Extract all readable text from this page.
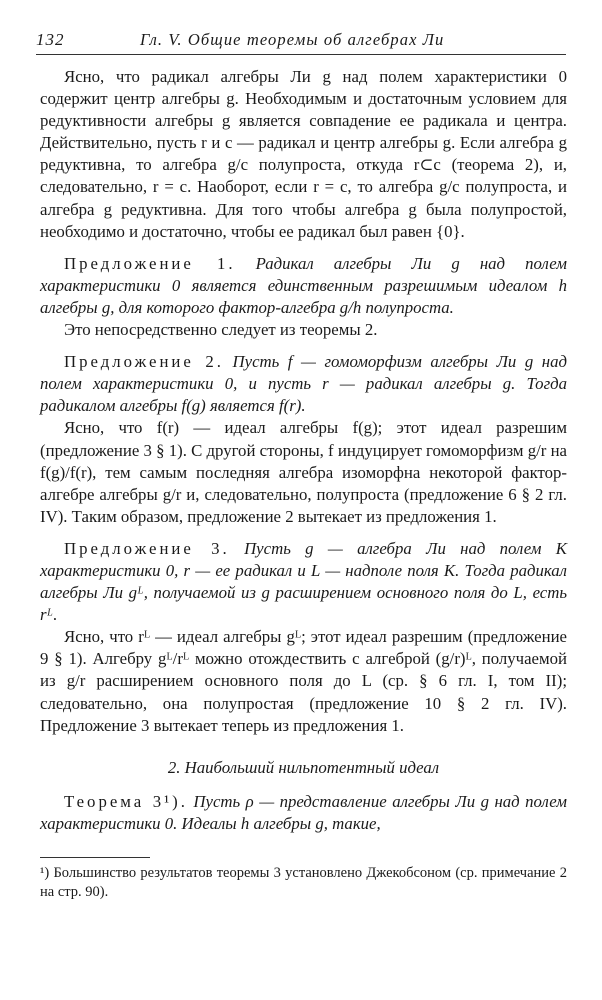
132	Гл. V. Общие теоремы об алгебрах Ли

Ясно, что радикал алгебры Ли g над полем характеристики 0 содержит центр алгебры g. Необходимым и достаточным условием для редуктивности алгебры g является совпадение ее радикала и центра. Действительно, пусть r и c — радикал и центр алгебры g. Если алгебра g редуктивна, то алгебра g/c полупроста, откуда r⊂c (теорема 2), и, следовательно, r = c. Наоборот, если r = c, то алгебра g/c полупроста, и алгебра g редуктивна. Для того чтобы алгебра g была полупростой, необходимо и достаточно, чтобы ее радикал был равен {0}.

Предложение 1. Радикал алгебры Ли g над полем характеристики 0 является единственным разрешимым идеалом h алгебры g, для которого фактор-алгебра g/h полупроста.

Это непосредственно следует из теоремы 2.

Предложение 2. Пусть f — гомоморфизм алгебры Ли g над полем характеристики 0, и пусть r — радикал алгебры g. Тогда радикалом алгебры f(g) является f(r).

Ясно, что f(r) — идеал алгебры f(g); этот идеал разрешим (предложение 3 § 1). С другой стороны, f индуцирует гомоморфизм g/r на f(g)/f(r), тем самым последняя алгебра изоморфна некоторой фактор-алгебре алгебры g/r и, следовательно, полупроста (предложение 6 § 2 гл. IV). Таким образом, предложение 2 вытекает из предложения 1.

Предложение 3. Пусть g — алгебра Ли над полем K характеристики 0, r — ее радикал и L — надполе поля K. Тогда радикал алгебры Ли gᴸ, получаемой из g расширением основного поля до L, есть rᴸ.

Ясно, что rᴸ — идеал алгебры gᴸ; этот идеал разрешим (предложение 9 § 1). Алгебру gᴸ/rᴸ можно отождествить с алгеброй (g/r)ᴸ, получаемой из g/r расширением основного поля до L (ср. § 6 гл. I, том II); следовательно, она полупростая (предложение 10 § 2 гл. IV). Предложение 3 вытекает теперь из предложения 1.

2. Наибольший нильпотентный идеал

Теорема 3¹). Пусть ρ — представление алгебры Ли g над полем характеристики 0. Идеалы h алгебры g, такие,

¹) Большинство результатов теоремы 3 установлено Джекобсоном (ср. примечание 2 на стр. 90).
